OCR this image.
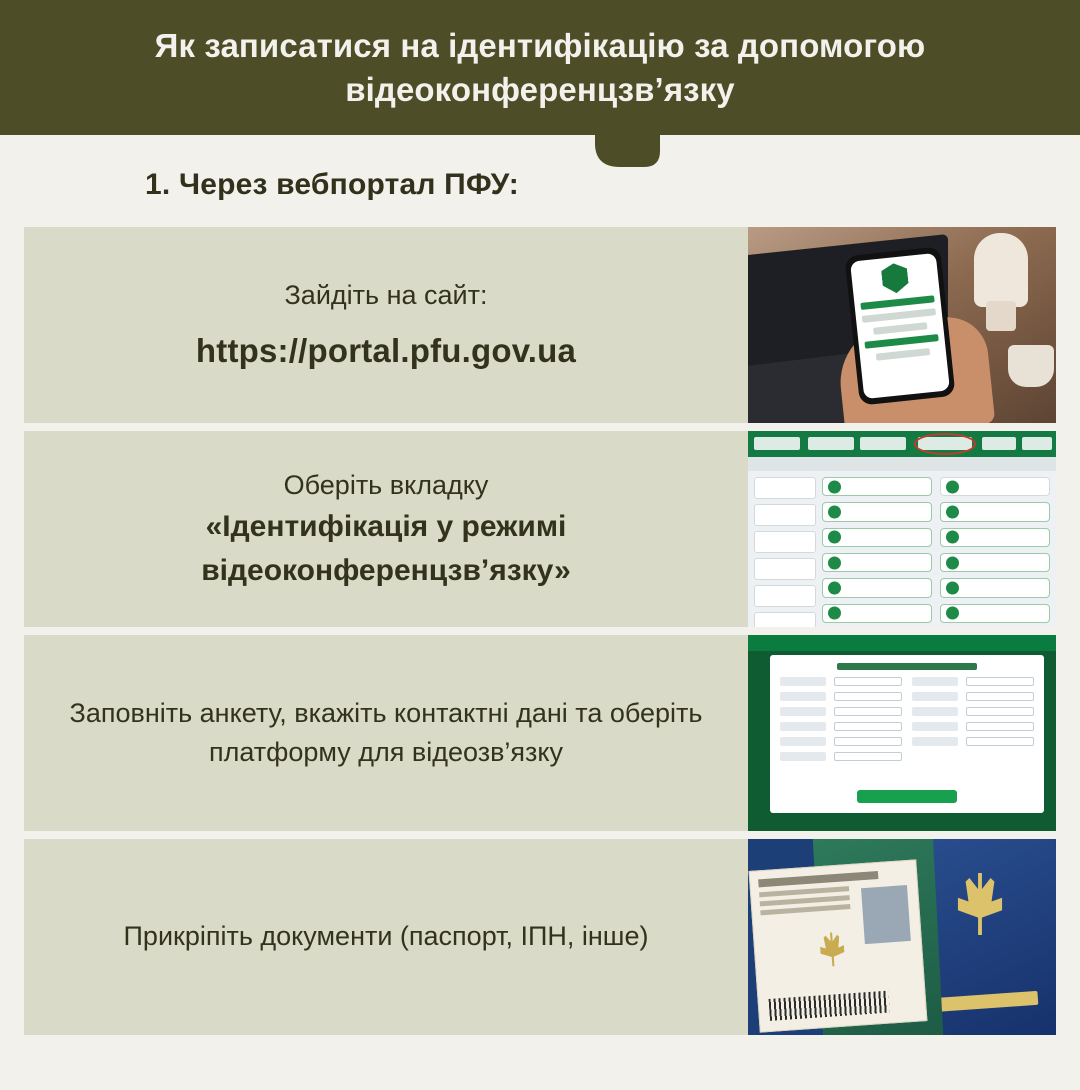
Як записатися на ідентифікацію за допомогою відеоконференцзв’язку
1. Через вебпортал ПФУ:
Зайдіть на сайт:
https://portal.pfu.gov.ua
Оберіть вкладку
«Ідентифікація у режимі відеоконференцзв’язку»
Заповніть анкету, вкажіть контактні дані та оберіть платформу для відеозв’язку
Прикріпіть документи (паспорт, ІПН, інше)
